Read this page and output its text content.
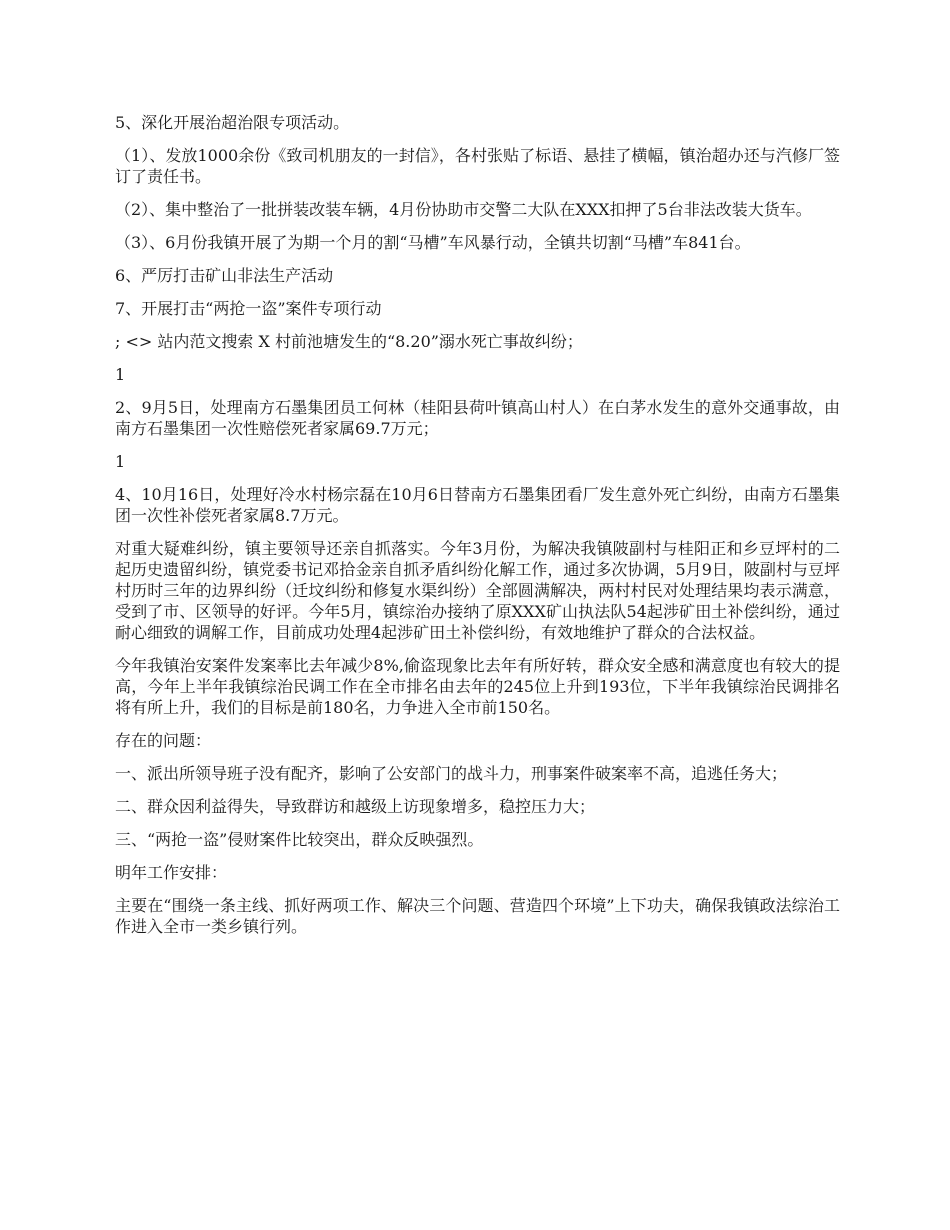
5、深化开展治超治限专项活动。

（1）、发放1000余份《致司机朋友的一封信》，各村张贴了标语、悬挂了横幅，镇治超办还与汽修厂签订了责任书。

（2）、集中整治了一批拼装改装车辆，4月份协助市交警二大队在XXX扣押了5台非法改装大货车。

（3）、6月份我镇开展了为期一个月的割“马槽”车风暴行动，全镇共切割“马槽”车841台。

6、严厉打击矿山非法生产活动

7、开展打击“两抢一盗”案件专项行动

; <> 站内范文搜索 X 村前池塘发生的“8.20”溺水死亡事故纠纷；

1

2、9月5日，处理南方石墨集团员工何林（桂阳县荷叶镇高山村人）在白茅水发生的意外交通事故，由南方石墨集团一次性赔偿死者家属69.7万元；

1

4、10月16日，处理好冷水村杨宗磊在10月6日替南方石墨集团看厂发生意外死亡纠纷，由南方石墨集团一次性补偿死者家属8.7万元。

对重大疑难纠纷，镇主要领导还亲自抓落实。今年3月份，为解决我镇陂副村与桂阳正和乡豆坪村的二起历史遗留纠纷，镇党委书记邓拾金亲自抓矛盾纠纷化解工作，通过多次协调，5月9日，陂副村与豆坪村历时三年的边界纠纷（迁坟纠纷和修复水渠纠纷）全部圆满解决，两村村民对处理结果均表示满意，受到了市、区领导的好评。今年5月，镇综治办接纳了原XXX矿山执法队54起涉矿田土补偿纠纷，通过耐心细致的调解工作，目前成功处理4起涉矿田土补偿纠纷，有效地维护了群众的合法权益。

今年我镇治安案件发案率比去年减少8%,偷盗现象比去年有所好转，群众安全感和满意度也有较大的提高，今年上半年我镇综治民调工作在全市排名由去年的245位上升到193位，下半年我镇综治民调排名将有所上升，我们的目标是前180名，力争进入全市前150名。

存在的问题：

一、派出所领导班子没有配齐，影响了公安部门的战斗力，刑事案件破案率不高，追逃任务大；

二、群众因利益得失，导致群访和越级上访现象增多，稳控压力大；

三、“两抢一盗”侵财案件比较突出，群众反映强烈。

明年工作安排：

主要在“围绕一条主线、抓好两项工作、解决三个问题、营造四个环境”上下功夫，确保我镇政法综治工作进入全市一类乡镇行列。
